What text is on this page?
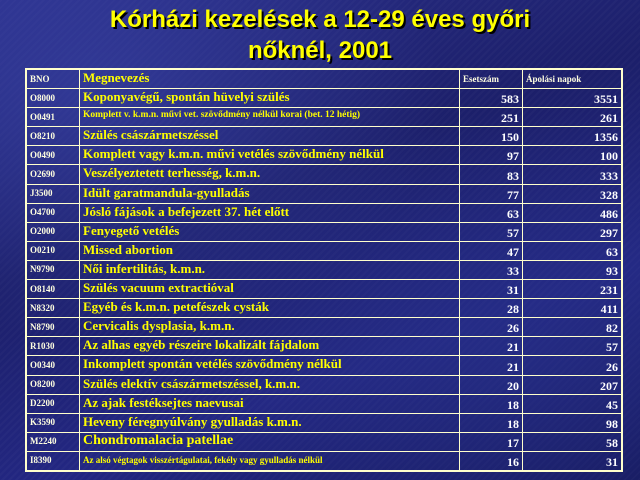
Kórházi kezelések a 12-29 éves győri
nőknél, 2001
BNO	Megnevezés	Esetszám	Ápolási napok
O8000	Koponyavégű, spontán hüvelyi szülés	583	3551
O0491	Komplett v. k.m.n. művi vet. szövődmény nélkül korai (bet. 12 hétig)	251	261
O8210	Szülés császármetszéssel	150	1356
O0490	Komplett vagy k.m.n. művi vetélés szövődmény nélkül	97	100
O2690	Veszélyeztetett terhesség, k.m.n.	83	333
J3500	Idült garatmandula-gyulladás	77	328
O4700	Jósló fájások a befejezett 37. hét előtt	63	486
O2000	Fenyegető vetélés	57	297
O0210	Missed abortion	47	63
N9790	Női infertilitás, k.m.n.	33	93
O8140	Szülés vacuum extractióval	31	231
N8320	Egyéb és k.m.n. petefészek cysták	28	411
N8790	Cervicalis dysplasia, k.m.n.	26	82
R1030	Az alhas egyéb részeire lokalizált fájdalom	21	57
O0340	Inkomplett spontán vetélés szövődmény nélkül	21	26
O8200	Szülés elektív császármetszéssel, k.m.n.	20	207
D2200	Az ajak festéksejtes naevusai	18	45
K3590	Heveny féregnyúlvány gyulladás k.m.n.	18	98
M2240	Chondromalacia patellae	17	58
I8390	Az alsó végtagok visszértágulatai, fekély vagy gyulladás nélkül	16	31
